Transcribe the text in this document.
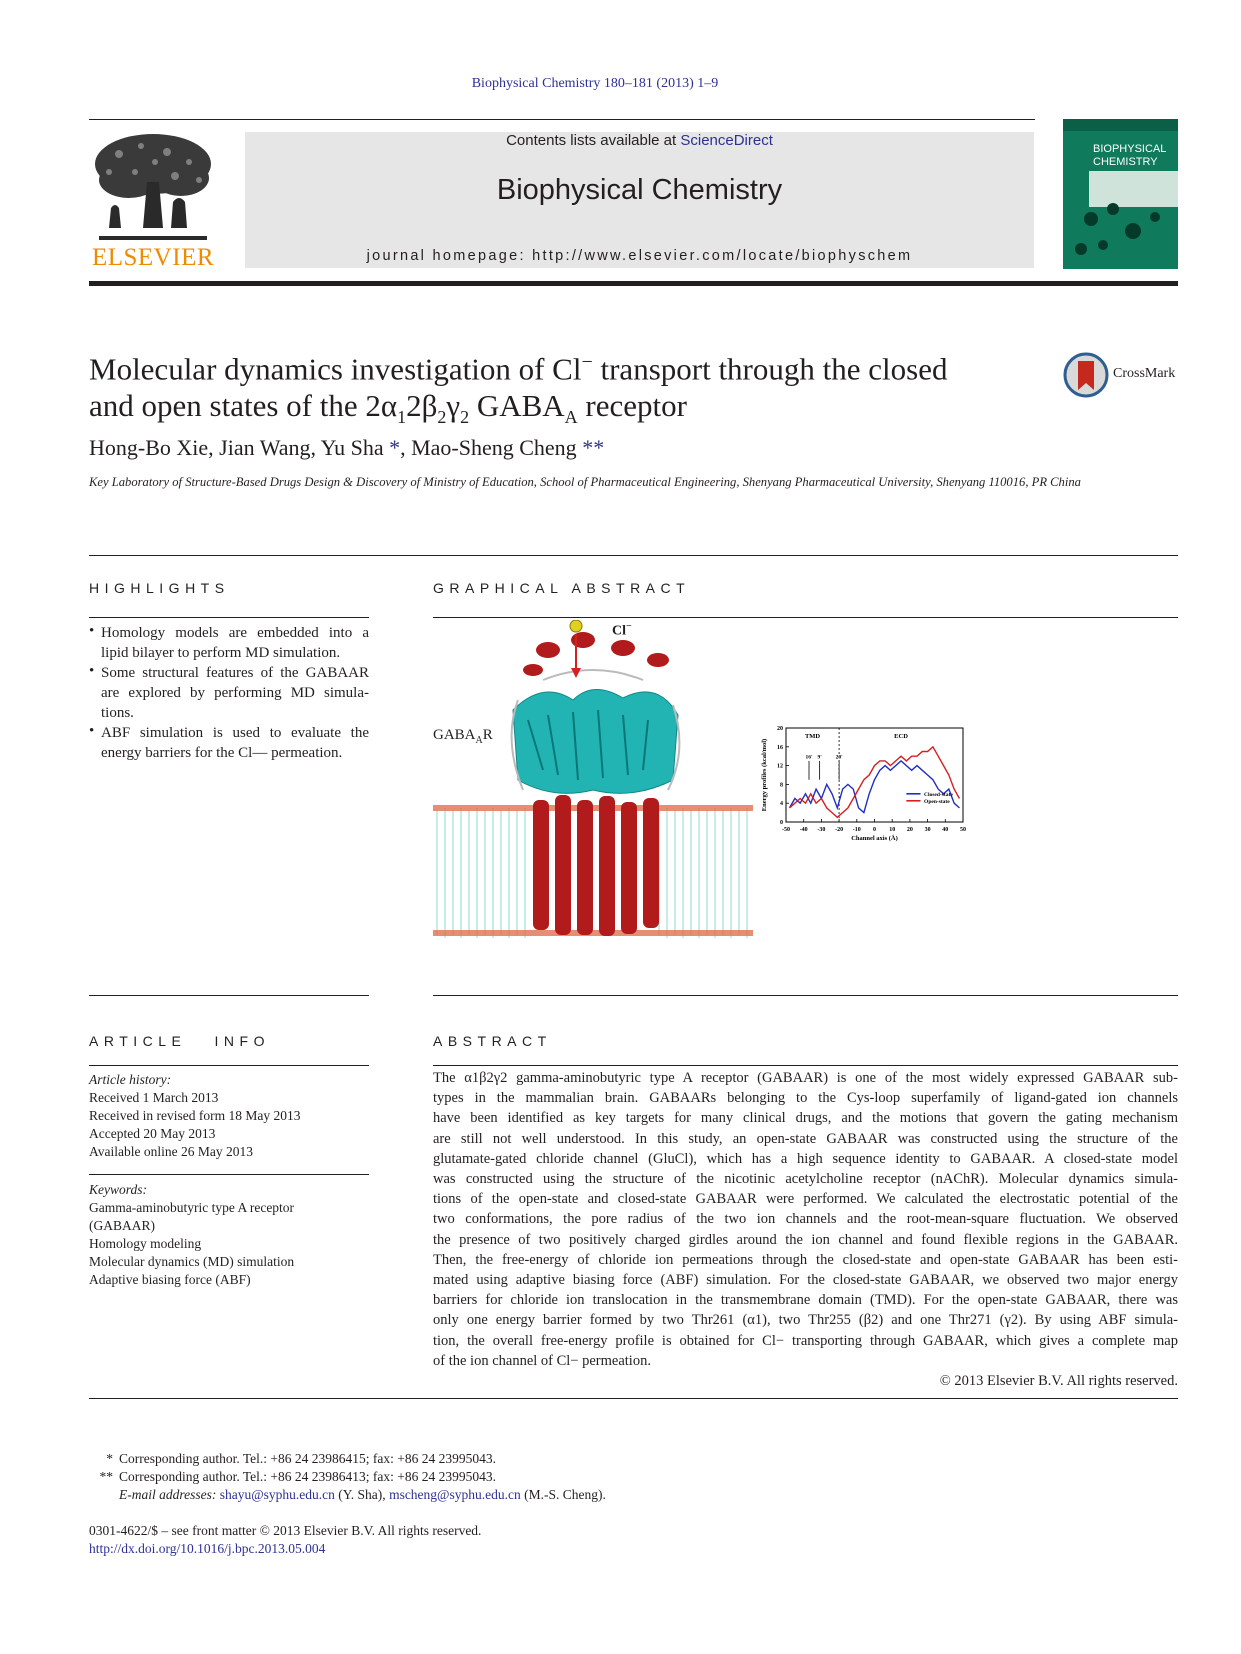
Biophysical Chemistry 180–181 (2013) 1–9
ELSEVIER
Contents lists available at ScienceDirect
Biophysical Chemistry
journal homepage: http://www.elsevier.com/locate/biophyschem
BIOPHYSICAL
CHEMISTRY
Molecular dynamics investigation of Cl− transport through the closed
and open states of the $2\alpha_12\beta_2\gamma_2$ $GABA_A$ receptor
CrossMark
Hong-Bo Xie, Jian Wang, Yu Sha *, Mao-Sheng Cheng **
Key Laboratory of Structure-Based Drugs Design & Discovery of Ministry of Education, School of Pharmaceutical Engineering, Shenyang Pharmaceutical University, Shenyang 110016, PR China
HIGHLIGHTS
• Homology models are embedded into a
lipid bilayer to perform MD simulation.
• Some structural features of the GABAAR
are explored by performing MD simula-
tions.
• ABF simulation is used to evaluate the
energy barriers for the Cl— permeation.
GRAPHICAL ABSTRACT
Cl−
$GABA_AR$
-50 -40 -30 -20 -10 0 10 20 30 40 50
0
4
8
12
16
20
TMD	ECD
16' 9'	20'
Closed-state
Open-state
Channel axis (Å)
Energy profiles (kcal/mol)
ARTICLE   INFO
Article history:
Received 1 March 2013
Received in revised form 18 May 2013
Accepted 20 May 2013
Available online 26 May 2013
Keywords:
Gamma-aminobutyric type A receptor
(GABAAR)
Homology modeling
Molecular dynamics (MD) simulation
Adaptive biasing force (ABF)
ABSTRACT
The α1β2γ2 gamma-aminobutyric type A receptor (GABAAR) is one of the most widely expressed GABAAR sub-
types in the mammalian brain. GABAARs belonging to the Cys-loop superfamily of ligand-gated ion channels
have been identified as key targets for many clinical drugs, and the motions that govern the gating mechanism
are still not well understood. In this study, an open-state GABAAR was constructed using the structure of the
glutamate-gated chloride channel (GluCl), which has a high sequence identity to GABAAR. A closed-state model
was constructed using the structure of the nicotinic acetylcholine receptor (nAChR). Molecular dynamics simula-
tions of the open-state and closed-state GABAAR were performed. We calculated the electrostatic potential of the
two conformations, the pore radius of the two ion channels and the root-mean-square fluctuation. We observed
the presence of two positively charged girdles around the ion channel and found flexible regions in the GABAAR.
Then, the free-energy of chloride ion permeations through the closed-state and open-state GABAAR has been esti-
mated using adaptive biasing force (ABF) simulation. For the closed-state GABAAR, we observed two major energy
barriers for chloride ion translocation in the transmembrane domain (TMD). For the open-state GABAAR, there was
only one energy barrier formed by two Thr261 (α1), two Thr255 (β2) and one Thr271 (γ2). By using ABF simula-
tion, the overall free-energy profile is obtained for Cl− transporting through GABAAR, which gives a complete map
of the ion channel of Cl− permeation.
© 2013 Elsevier B.V. All rights reserved.
* Corresponding author. Tel.: +86 24 23986415; fax: +86 24 23995043.
** Corresponding author. Tel.: +86 24 23986413; fax: +86 24 23995043.
E-mail addresses: shayu@syphu.edu.cn (Y. Sha), mscheng@syphu.edu.cn (M.-S. Cheng).
0301-4622/$ – see front matter © 2013 Elsevier B.V. All rights reserved.
http://dx.doi.org/10.1016/j.bpc.2013.05.004
